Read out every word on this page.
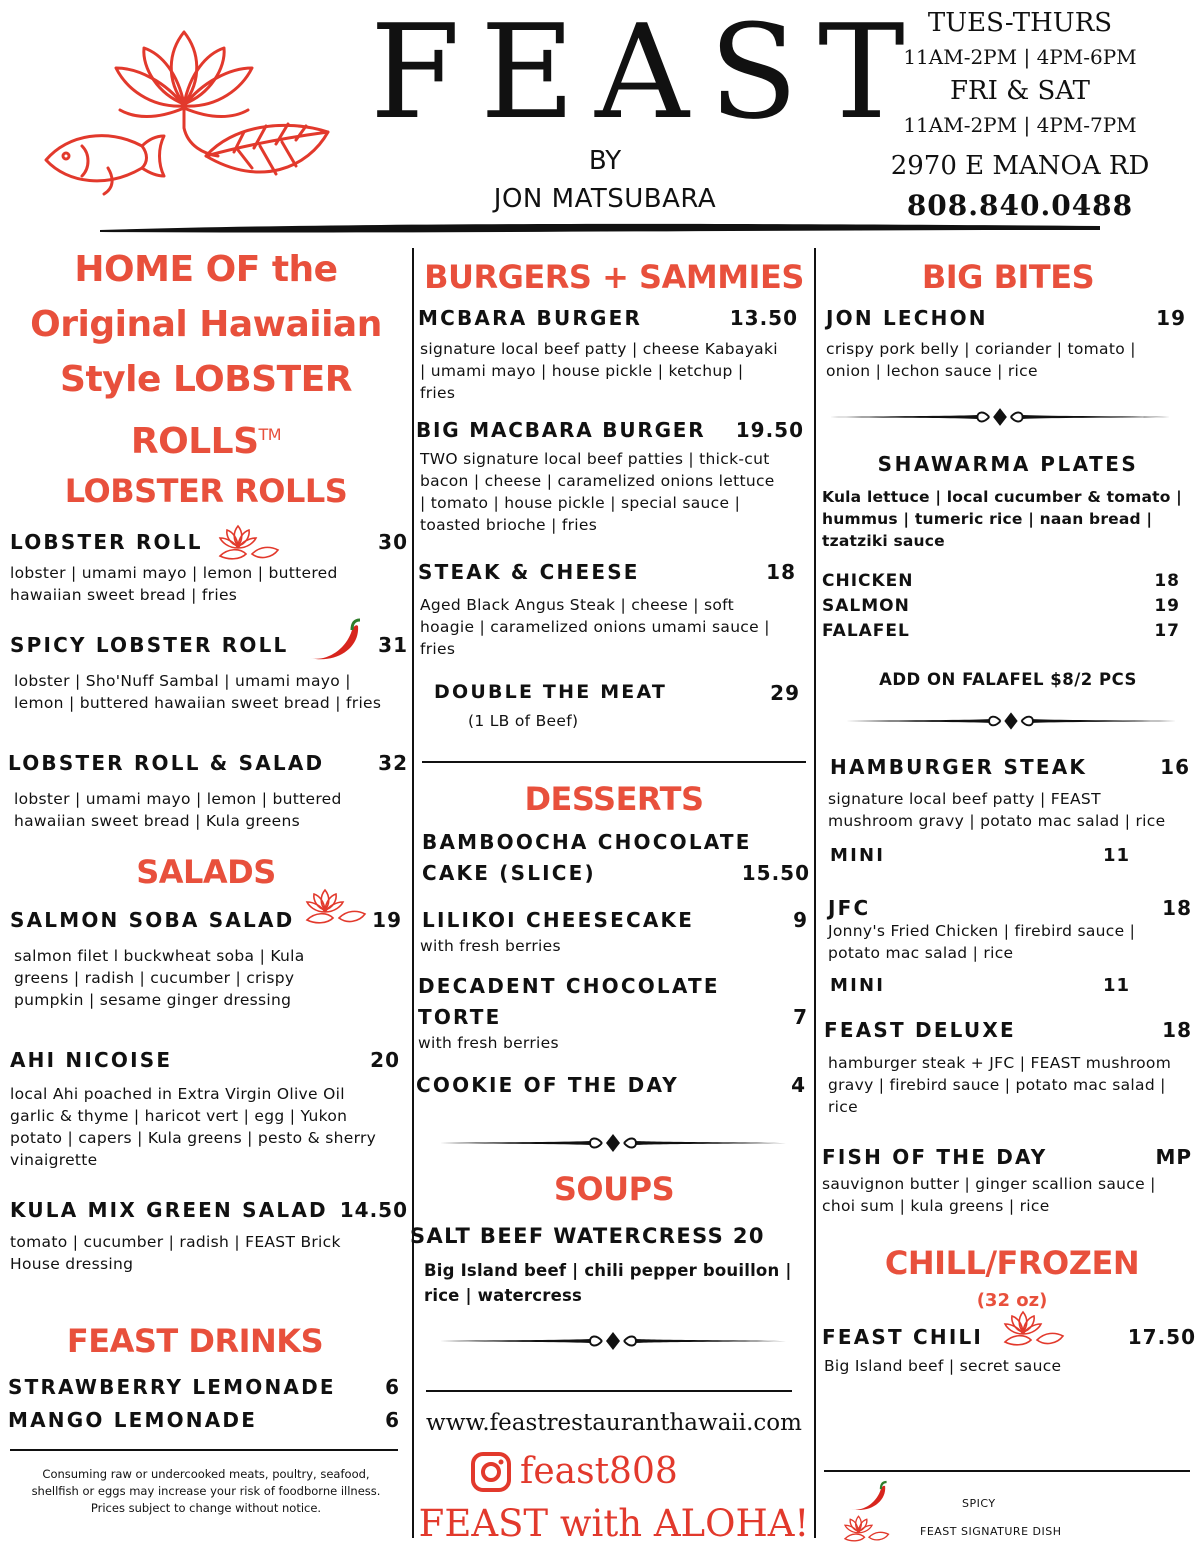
FEAST
BY
JON MATSUBARA
TUES-THURS
11AM-2PM | 4PM-6PM
FRI & SAT
11AM-2PM | 4PM-7PM
2970 E MANOA RD
808.840.0488
HOME OF the
Original Hawaiian
Style LOBSTER
ROLLS™
LOBSTER ROLLS
LOBSTER ROLL	30
lobster | umami mayo | lemon | buttered hawaiian sweet bread | fries
SPICY LOBSTER ROLL	31
lobster | Sho'Nuff Sambal | umami mayo | lemon | buttered hawaiian sweet bread | fries
LOBSTER ROLL & SALAD	32
lobster | umami mayo | lemon | buttered hawaiian sweet bread | Kula greens
SALADS
SALMON SOBA SALAD	19
salmon filet l buckwheat soba | Kula greens | radish | cucumber | crispy pumpkin | sesame ginger dressing
AHI NICOISE	20
local Ahi poached in Extra Virgin Olive Oil garlic & thyme | haricot vert | egg | Yukon potato | capers | Kula greens | pesto & sherry vinaigrette
KULA MIX GREEN SALAD 14.50
tomato | cucumber | radish | FEAST Brick House dressing
FEAST DRINKS
STRAWBERRY LEMONADE	6
MANGO LEMONADE	6
Consuming raw or undercooked meats, poultry, seafood, shellfish or eggs may increase your risk of foodborne illness. Prices subject to change without notice.
BURGERS + SAMMIES
MCBARA BURGER	13.50
signature local beef patty | cheese Kabayaki | umami mayo | house pickle | ketchup | fries
BIG MACBARA BURGER	19.50
TWO signature local beef patties | thick-cut bacon | cheese | caramelized onions lettuce | tomato | house pickle | special sauce | toasted brioche | fries
STEAK & CHEESE	18
Aged Black Angus Steak | cheese | soft hoagie | caramelized onions umami sauce | fries
DOUBLE THE MEAT	29
(1 LB of Beef)
DESSERTS
BAMBOOCHA CHOCOLATE
CAKE (SLICE)	15.50
LILIKOI CHEESECAKE	9
with fresh berries
DECADENT CHOCOLATE
TORTE	7
with fresh berries
COOKIE OF THE DAY	4
SOUPS
SALT BEEF WATERCRESS 20
Big Island beef | chili pepper bouillon | rice | watercress
www.feastrestauranthawaii.com
feast808
FEAST with ALOHA!
BIG BITES
JON LECHON	19
crispy pork belly | coriander | tomato | onion | lechon sauce | rice
SHAWARMA PLATES
Kula lettuce | local cucumber & tomato | hummus | tumeric rice | naan bread | tzatziki sauce
CHICKEN	18
SALMON	19
FALAFEL	17
ADD ON FALAFEL $8/2 PCS
HAMBURGER STEAK	16
signature local beef patty | FEAST mushroom gravy | potato mac salad | rice
MINI	11
JFC	18
Jonny's Fried Chicken | firebird sauce | potato mac salad | rice
MINI	11
FEAST DELUXE	18
hamburger steak + JFC | FEAST mushroom gravy | firebird sauce | potato mac salad | rice
FISH OF THE DAY	MP
sauvignon butter | ginger scallion sauce | choi sum | kula greens | rice
CHILL/FROZEN
(32 oz)
FEAST CHILI	17.50
Big Island beef | secret sauce
SPICY
FEAST SIGNATURE DISH
